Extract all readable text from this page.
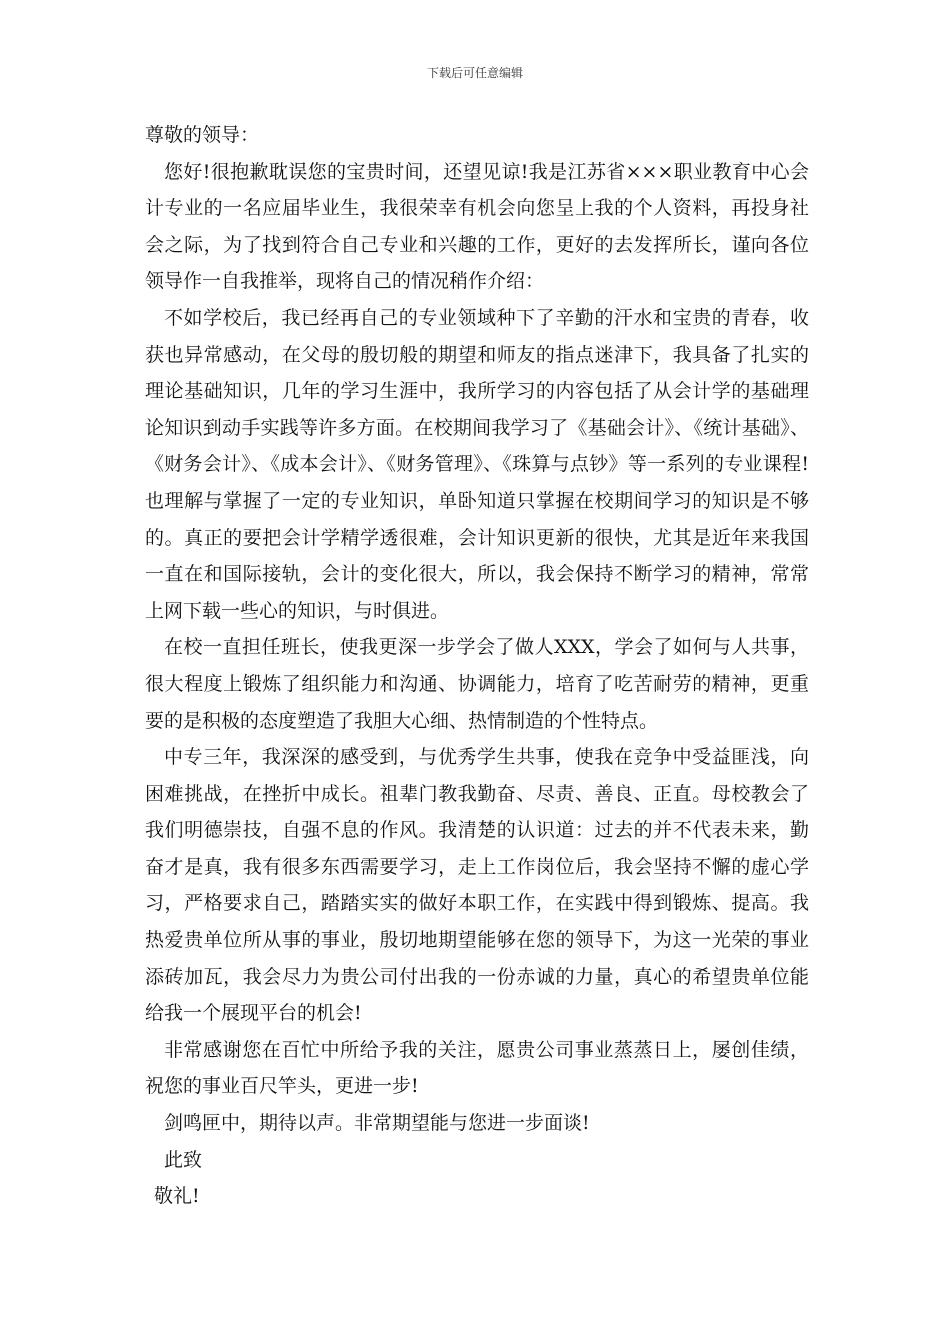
下载后可任意编辑

尊敬的领导：

您好!很抱歉耽误您的宝贵时间，还望见谅!我是江苏省×××职业教育中心会计专业的一名应届毕业生，我很荣幸有机会向您呈上我的个人资料，再投身社会之际，为了找到符合自己专业和兴趣的工作，更好的去发挥所长，谨向各位领导作一自我推举，现将自己的情况稍作介绍：

不如学校后，我已经再自己的专业领域种下了辛勤的汗水和宝贵的青春，收获也异常感动，在父母的殷切般的期望和师友的指点迷津下，我具备了扎实的理论基础知识，几年的学习生涯中，我所学习的内容包括了从会计学的基础理论知识到动手实践等许多方面。在校期间我学习了《基础会计》、《统计基础》、《财务会计》、《成本会计》、《财务管理》、《珠算与点钞》等一系列的专业课程!也理解与掌握了一定的专业知识，单卧知道只掌握在校期间学习的知识是不够的。真正的要把会计学精学透很难，会计知识更新的很快，尤其是近年来我国一直在和国际接轨，会计的变化很大，所以，我会保持不断学习的精神，常常上网下载一些心的知识，与时俱进。

在校一直担任班长，使我更深一步学会了做人XXX，学会了如何与人共事，很大程度上锻炼了组织能力和沟通、协调能力，培育了吃苦耐劳的精神，更重要的是积极的态度塑造了我胆大心细、热情制造的个性特点。

中专三年，我深深的感受到，与优秀学生共事，使我在竞争中受益匪浅，向困难挑战，在挫折中成长。祖辈门教我勤奋、尽责、善良、正直。母校教会了我们明德崇技，自强不息的作风。我清楚的认识道：过去的并不代表未来，勤奋才是真，我有很多东西需要学习，走上工作岗位后，我会坚持不懈的虚心学习，严格要求自己，踏踏实实的做好本职工作，在实践中得到锻炼、提高。我热爱贵单位所从事的事业，殷切地期望能够在您的领导下，为这一光荣的事业添砖加瓦，我会尽力为贵公司付出我的一份赤诚的力量，真心的希望贵单位能给我一个展现平台的机会!

非常感谢您在百忙中所给予我的关注，愿贵公司事业蒸蒸日上，屡创佳绩，祝您的事业百尺竿头，更进一步!

剑鸣匣中，期待以声。非常期望能与您进一步面谈!

此致

敬礼!
